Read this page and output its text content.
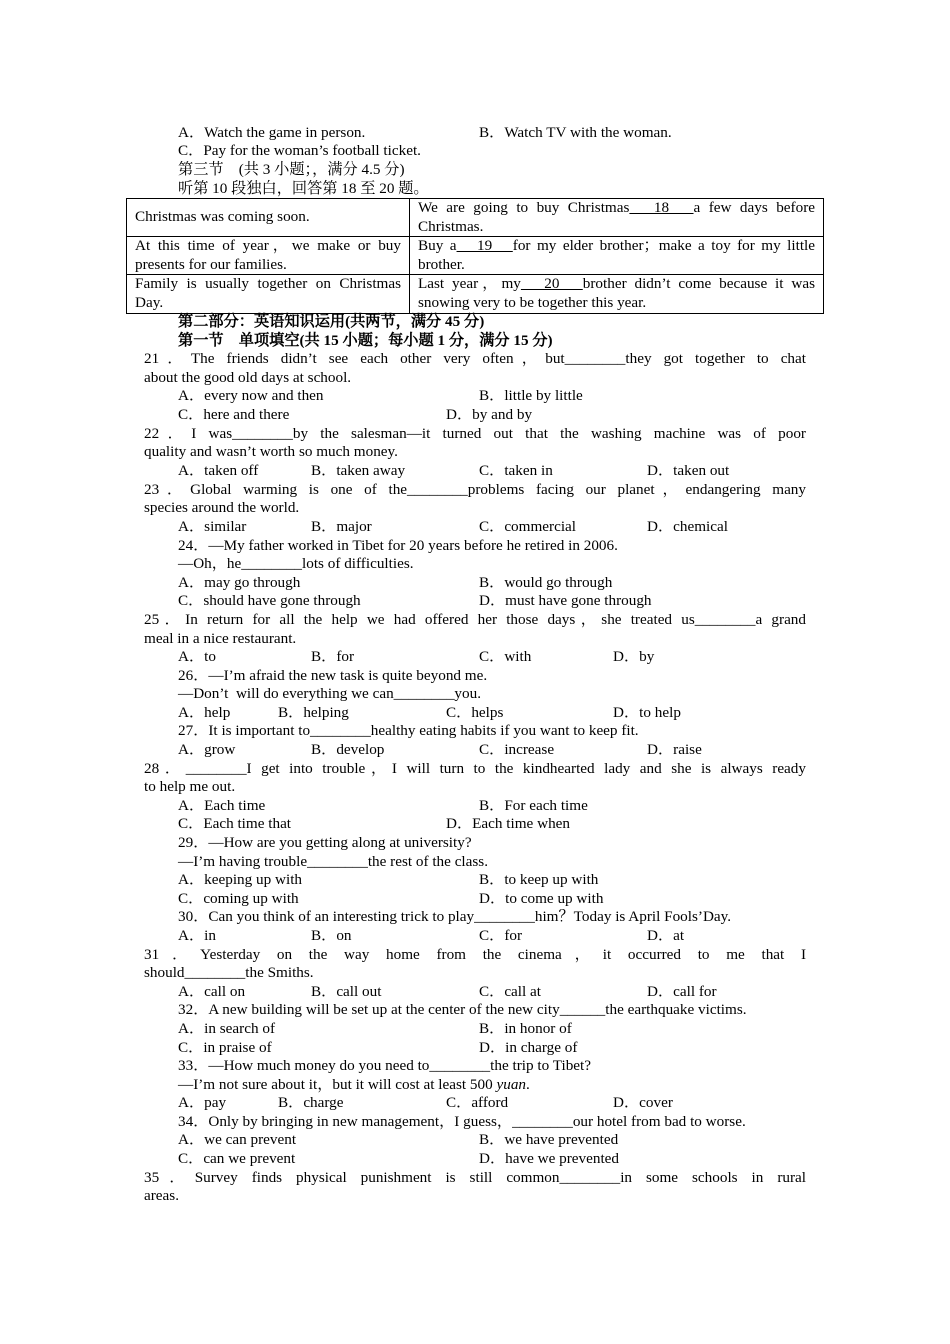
A．Watch the game in person.	B．Watch TV with the woman.
C．Pay for the woman’s football ticket.
第三节　(共 3 小题；，满分 4.5 分)
听第 10 段独白，回答第 18 至 20 题。
Christmas was coming soon.	We are going to buy Christmas　18　a few days before Christmas.
At this time of year，we make or buy presents for our families.	Buy a　19　for my elder brother；make a toy for my little brother.
Family is usually together on Christmas Day.	Last year，my　20　brother didn’t come because it was snowing very to be together this year.
第二部分：英语知识运用(共两节，满分 45 分)
第一节　单项填空(共 15 小题；每小题 1 分，满分 15 分)
21．The friends didn’t see each other very often，but________they got together to chat
about the good old days at school.
A．every now and then	B．little by little
C．here and there	D．by and by
22．I was________by the salesman—it turned out that the washing machine was of poor
quality and wasn’t worth so much money.
A．taken off	B．taken away	C．taken in	D．taken out
23．Global warming is one of the________problems facing our planet，endangering many
species around the world.
A．similar	B．major	C．commercial	D．chemical
24．—My father worked in Tibet for 20 years before he retired in 2006.
—Oh，he________lots of difficulties.
A．may go through	B．would go through
C．should have gone through	D．must have gone through
25．In return for all the help we had offered her those days，she treated us________a grand
meal in a nice restaurant.
A．to	B．for	C．with	D．by
26．—I’m afraid the new task is quite beyond me.
—Don’t  will do everything we can________you.
A．help	B．helping	C．helps	D．to help
27．It is important to________healthy eating habits if you want to keep fit.
A．grow	B．develop	C．increase	D．raise
28．________I get into trouble，I will turn to the kindhearted lady and she is always ready
to help me out.
A．Each time	B．For each time
C．Each time that	D．Each time when
29．—How are you getting along at university?
—I’m having trouble________the rest of the class.
A．keeping up with	B．to keep up with
C．coming up with	D．to come up with
30．Can you think of an interesting trick to play________him？Today is April Fools’Day.
A．in	B．on	C．for	D．at
31．Yesterday on the way home from the cinema，it occurred to me that I
should________the Smiths.
A．call on	B．call out	C．call at	D．call for
32．A new building will be set up at the center of the new city______the earthquake victims.
A．in search of	B．in honor of
C．in praise of	D．in charge of
33．—How much money do you need to________the trip to Tibet?
—I’m not sure about it，but it will cost at least 500 yuan.
A．pay	B．charge	C．afford	D．cover
34．Only by bringing in new management，I guess，________our hotel from bad to worse.
A．we can prevent	B．we have prevented
C．can we prevent	D．have we prevented
35．Survey finds physical punishment is still common________in some schools in rural
areas.
